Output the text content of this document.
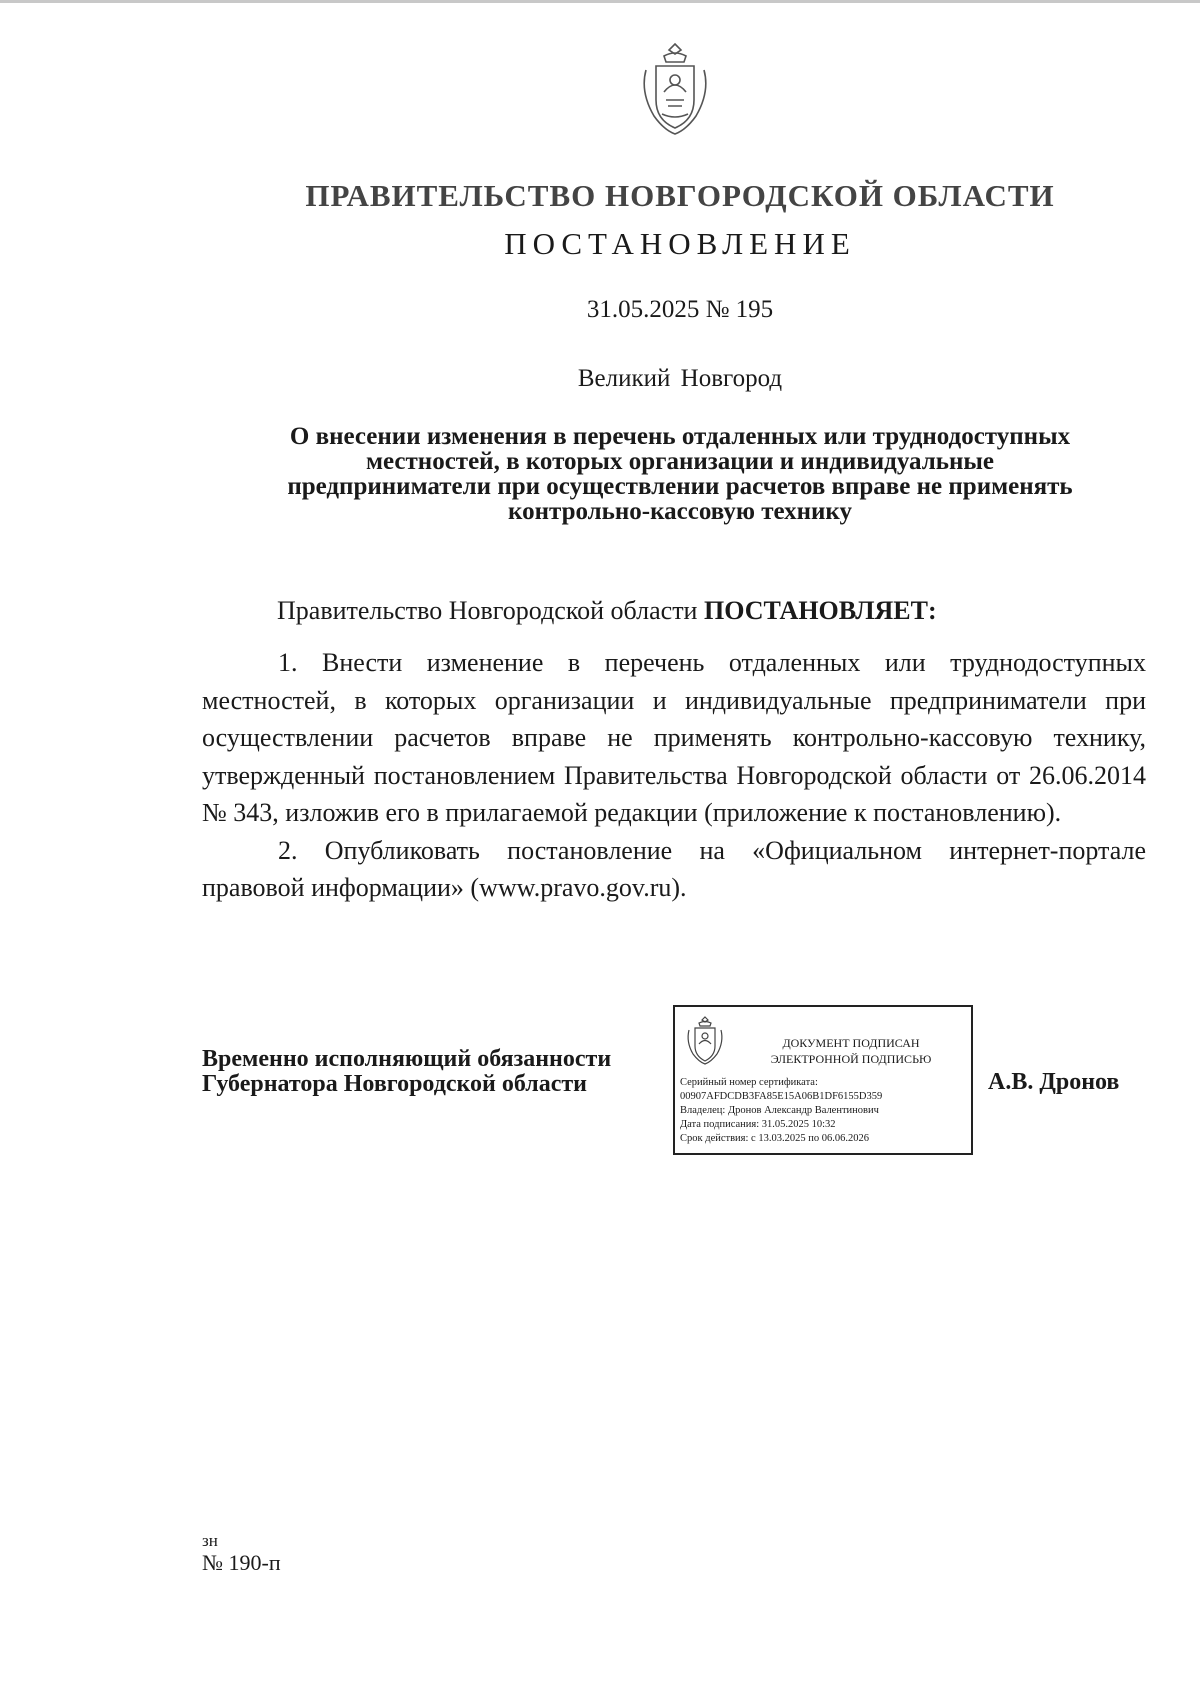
ПРАВИТЕЛЬСТВО НОВГОРОДСКОЙ ОБЛАСТИ
ПОСТАНОВЛЕНИЕ
31.05.2025 № 195
Великий Новгород
О внесении изменения в перечень отдаленных или труднодоступных
местностей, в которых организации и индивидуальные
предприниматели при осуществлении расчетов вправе не применять
контрольно-кассовую технику
Правительство Новгородской области ПОСТАНОВЛЯЕТ:

1. Внести изменение в перечень отдаленных или труднодоступных местностей, в которых организации и индивидуальные предприниматели при осуществлении расчетов вправе не применять контрольно-кассовую технику, утвержденный постановлением Правительства Новгородской области от 26.06.2014 № 343, изложив его в прилагаемой редакции (приложение к постановлению).

2. Опубликовать постановление на «Официальном интернет-портале правовой информации» (www.pravo.gov.ru).

Временно исполняющий обязанности
Губернатора Новгородской области
ДОКУМЕНТ ПОДПИСАН
ЭЛЕКТРОННОЙ ПОДПИСЬЮ
Серийный номер сертификата:
00907AFDCDB3FA85E15A06B1DF6155D359
Владелец: Дронов Александр Валентинович
Дата подписания: 31.05.2025 10:32
Срок действия: с 13.03.2025 по 06.06.2026
А.В. Дронов
зн
№ 190-п
